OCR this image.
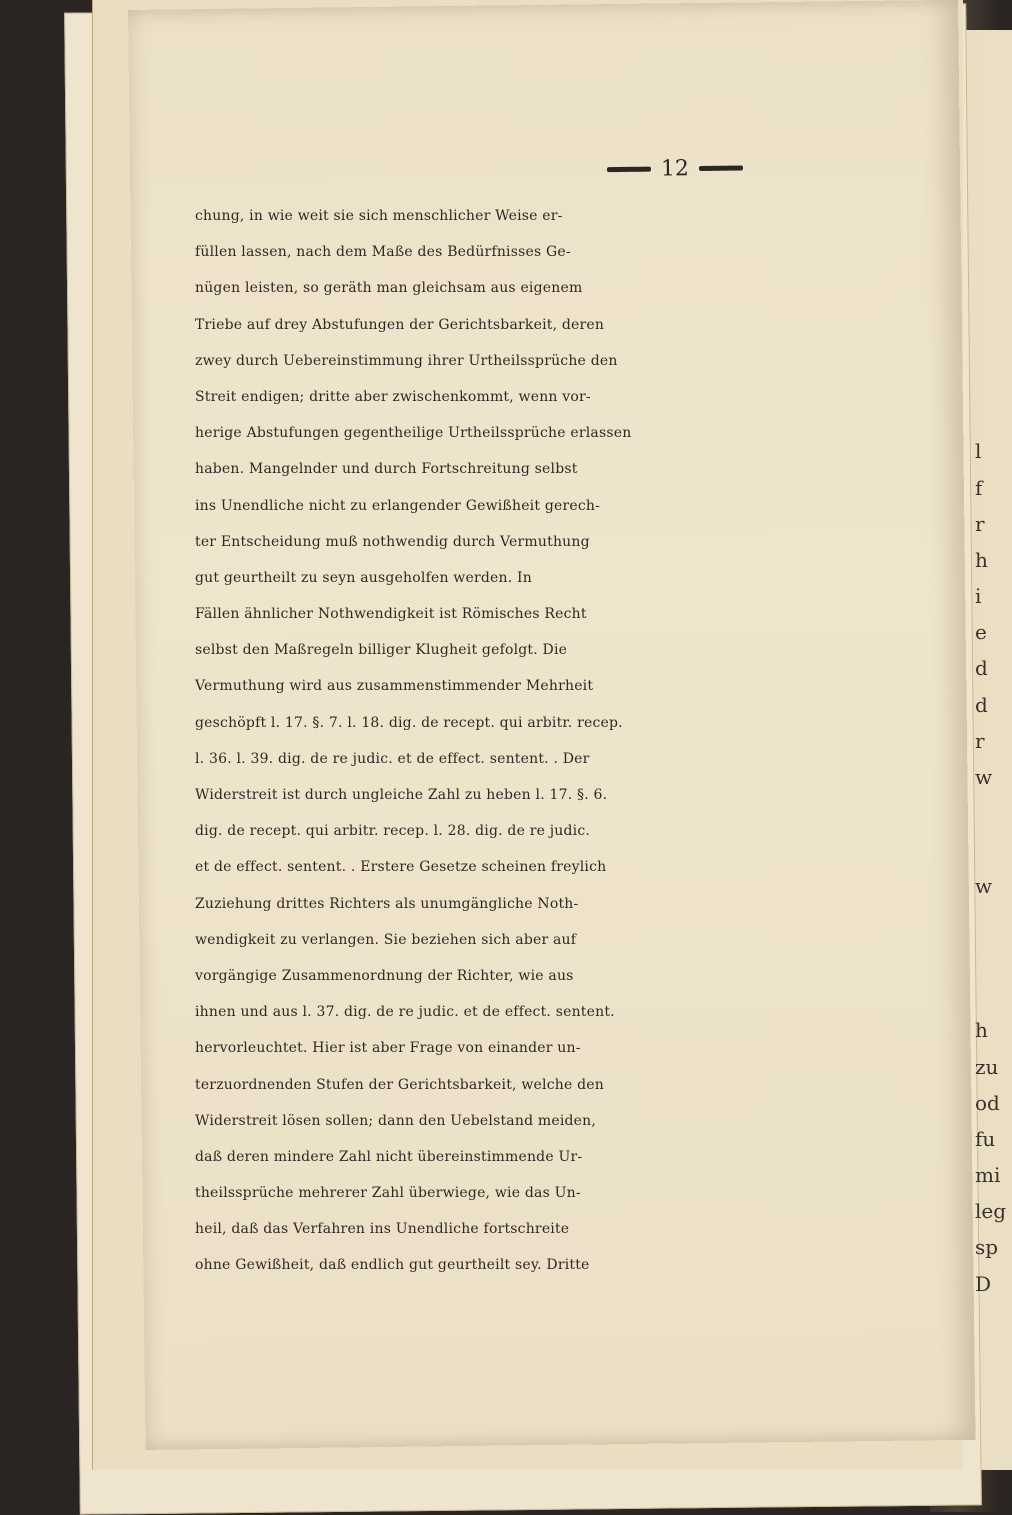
12
chung, in wie weit sie sich menschlicher Weise er-
füllen lassen, nach dem Maße des Bedürfnisses Ge-
nügen leisten, so geräth man gleichsam aus eigenem
Triebe auf drey Abstufungen der Gerichtsbarkeit, deren
zwey durch Uebereinstimmung ihrer Urtheilssprüche den
Streit endigen; dritte aber zwischenkommt, wenn vor-
herige Abstufungen gegentheilige Urtheilssprüche erlassen
haben. Mangelnder und durch Fortschreitung selbst
ins Unendliche nicht zu erlangender Gewißheit gerech-
ter Entscheidung muß nothwendig durch Vermuthung
gut geurtheilt zu seyn ausgeholfen werden. In
Fällen ähnlicher Nothwendigkeit ist Römisches Recht
selbst den Maßregeln billiger Klugheit gefolgt. Die
Vermuthung wird aus zusammenstimmender Mehrheit
geschöpft l. 17. §. 7. l. 18. dig. de recept. qui arbitr. recep.
l. 36. l. 39. dig. de re judic. et de effect. sentent. . Der
Widerstreit ist durch ungleiche Zahl zu heben l. 17. §. 6.
dig. de recept. qui arbitr. recep. l. 28. dig. de re judic.
et de effect. sentent. . Erstere Gesetze scheinen freylich
Zuziehung drittes Richters als unumgängliche Noth-
wendigkeit zu verlangen. Sie beziehen sich aber auf
vorgängige Zusammenordnung der Richter, wie aus
ihnen und aus l. 37. dig. de re judic. et de effect. sentent.
hervorleuchtet. Hier ist aber Frage von einander un-
terzuordnenden Stufen der Gerichtsbarkeit, welche den
Widerstreit lösen sollen; dann den Uebelstand meiden,
daß deren mindere Zahl nicht übereinstimmende Ur-
theilssprüche mehrerer Zahl überwiege, wie das Un-
heil, daß das Verfahren ins Unendliche fortschreite
ohne Gewißheit, daß endlich gut geurtheilt sey. Dritte
l
f
r
h
i
e
d
d
r
w
w
h
zu
od
fu
mi
leg
sp
D
